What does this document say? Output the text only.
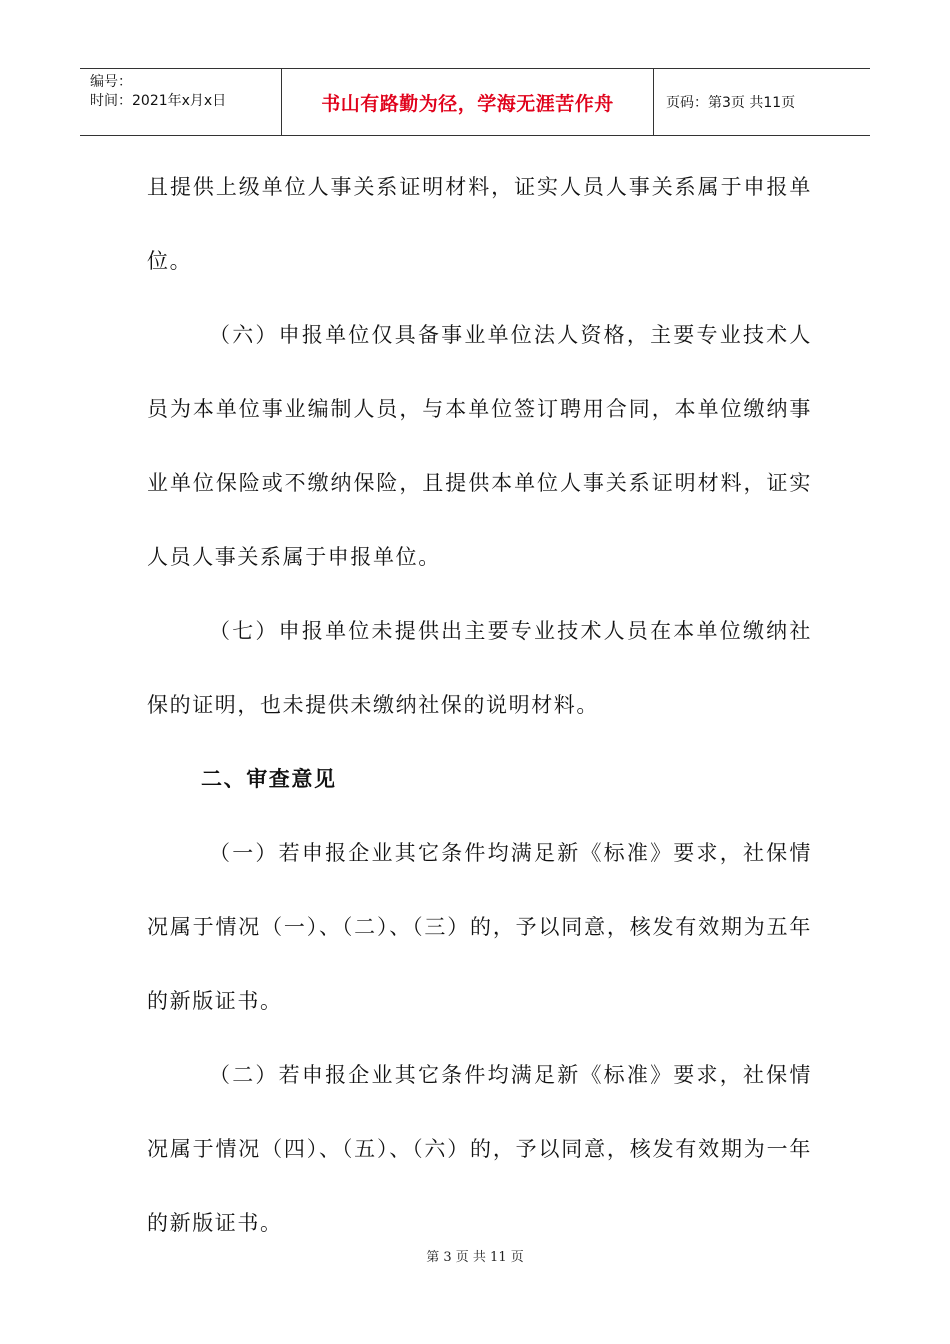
编号：
时间：2021年x月x日	书山有路勤为径，学海无涯苦作舟	页码：第3页 共11页

且提供上级单位人事关系证明材料，证实人员人事关系属于申报单位。

（六）申报单位仅具备事业单位法人资格，主要专业技术人员为本单位事业编制人员，与本单位签订聘用合同，本单位缴纳事业单位保险或不缴纳保险，且提供本单位人事关系证明材料，证实人员人事关系属于申报单位。

（七）申报单位未提供出主要专业技术人员在本单位缴纳社保的证明，也未提供未缴纳社保的说明材料。

二、审查意见

（一）若申报企业其它条件均满足新《标准》要求，社保情况属于情况（一）、（二）、（三）的，予以同意，核发有效期为五年的新版证书。

（二）若申报企业其它条件均满足新《标准》要求，社保情况属于情况（四）、（五）、（六）的，予以同意，核发有效期为一年的新版证书。

第 3 页 共 11 页
